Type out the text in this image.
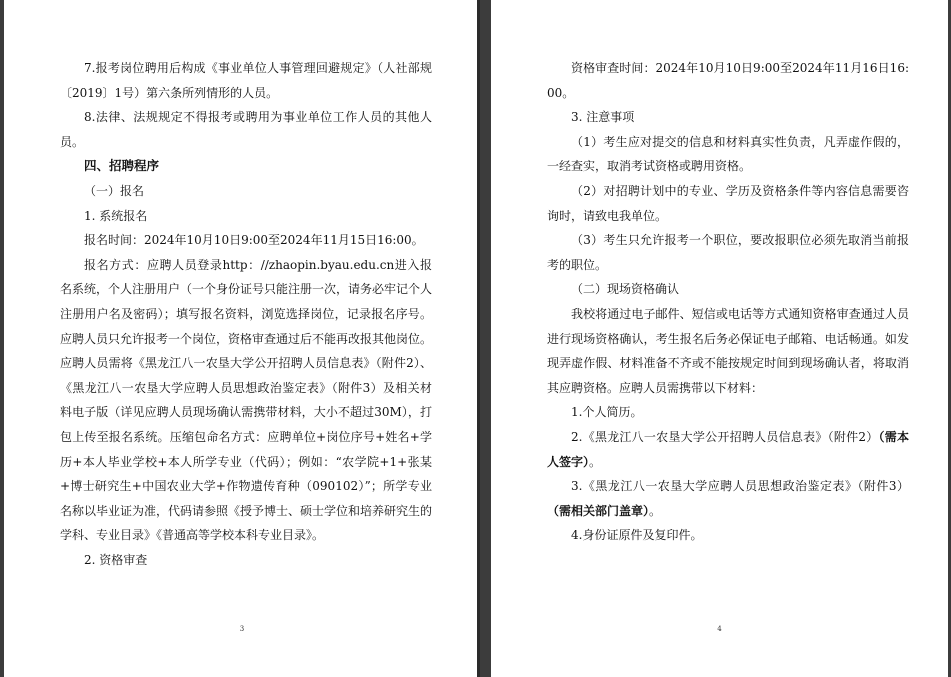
7.报考岗位聘用后构成《事业单位人事管理回避规定》（人社部规〔2019〕1号）第六条所列情形的人员。

8.法律、法规规定不得报考或聘用为事业单位工作人员的其他人员。

四、招聘程序

（一）报名

1. 系统报名

报名时间：2024年10月10日9:00至2024年11月15日16:00。

报名方式：应聘人员登录http：//zhaopin.byau.edu.cn进入报名系统，个人注册用户（一个身份证号只能注册一次，请务必牢记个人注册用户名及密码）；填写报名资料，浏览选择岗位，记录报名序号。应聘人员只允许报考一个岗位，资格审查通过后不能再改报其他岗位。应聘人员需将《黑龙江八一农垦大学公开招聘人员信息表》（附件2）、《黑龙江八一农垦大学应聘人员思想政治鉴定表》（附件3）及相关材料电子版（详见应聘人员现场确认需携带材料，大小不超过30M），打包上传至报名系统。压缩包命名方式：应聘单位+岗位序号+姓名+学历+本人毕业学校+本人所学专业（代码）；例如：“农学院+1+张某+博士研究生+中国农业大学+作物遗传育种（090102）”；所学专业名称以毕业证为准，代码请参照《授予博士、硕士学位和培养研究生的学科、专业目录》《普通高等学校本科专业目录》。

2. 资格审查

3

资格审查时间：2024年10月10日9:00至2024年11月16日16:00。

3. 注意事项

（1）考生应对提交的信息和材料真实性负责，凡弄虚作假的，一经查实，取消考试资格或聘用资格。

（2）对招聘计划中的专业、学历及资格条件等内容信息需要咨询时，请致电我单位。

（3）考生只允许报考一个职位，要改报职位必须先取消当前报考的职位。

（二）现场资格确认

我校将通过电子邮件、短信或电话等方式通知资格审查通过人员进行现场资格确认，考生报名后务必保证电子邮箱、电话畅通。如发现弄虚作假、材料准备不齐或不能按规定时间到现场确认者，将取消其应聘资格。应聘人员需携带以下材料：

1.个人简历。

2.《黑龙江八一农垦大学公开招聘人员信息表》（附件2）（需本人签字）。

3.《黑龙江八一农垦大学应聘人员思想政治鉴定表》（附件3）（需相关部门盖章）。

4.身份证原件及复印件。

4
